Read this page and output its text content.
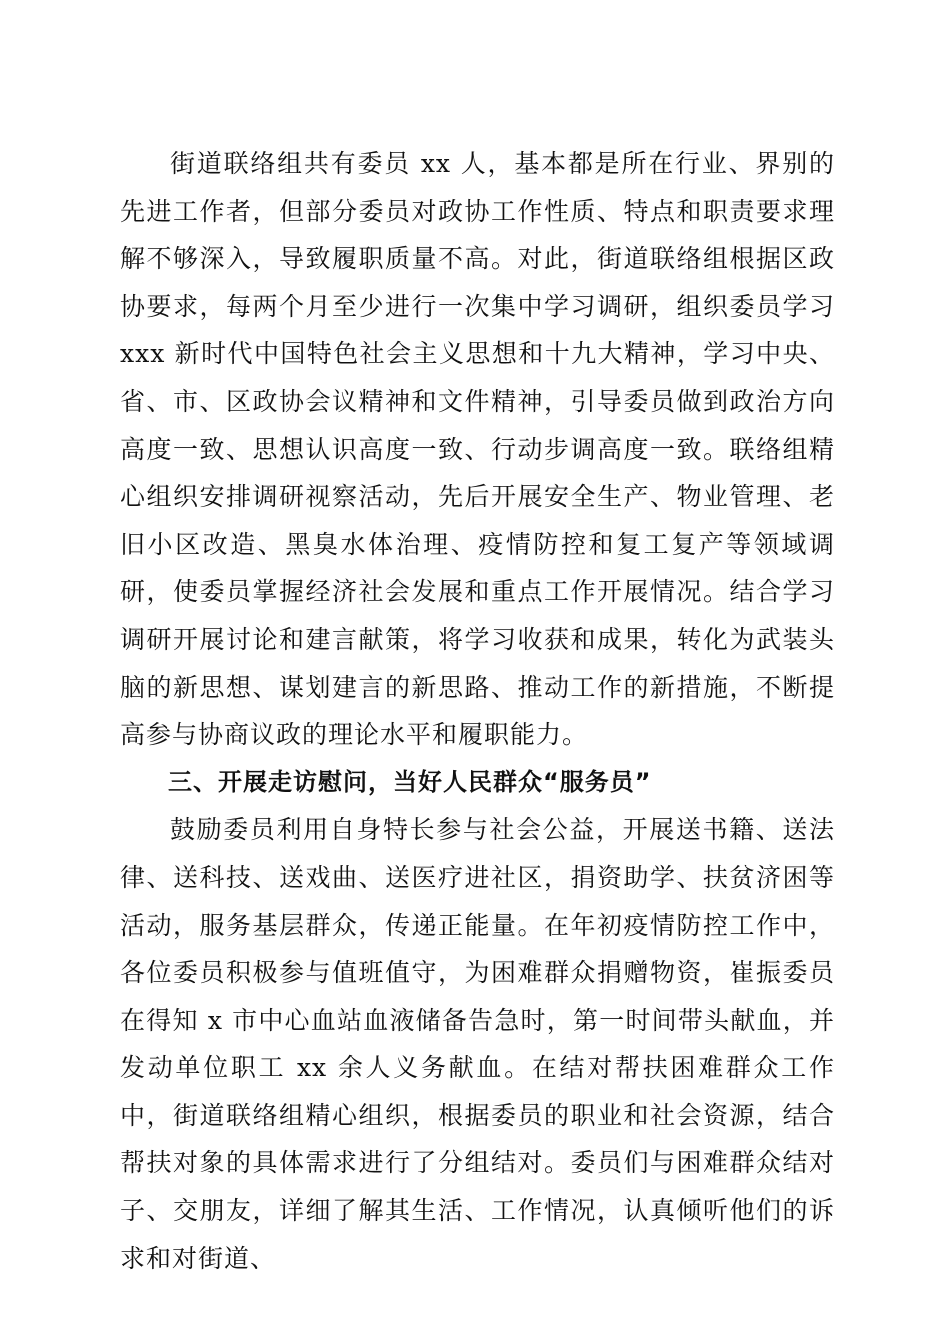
街道联络组共有委员 xx 人，基本都是所在行业、界别的先进工作者，但部分委员对政协工作性质、特点和职责要求理解不够深入，导致履职质量不高。对此，街道联络组根据区政协要求，每两个月至少进行一次集中学习调研，组织委员学习 xxx 新时代中国特色社会主义思想和十九大精神，学习中央、省、市、区政协会议精神和文件精神，引导委员做到政治方向高度一致、思想认识高度一致、行动步调高度一致。联络组精心组织安排调研视察活动，先后开展安全生产、物业管理、老旧小区改造、黑臭水体治理、疫情防控和复工复产等领域调研，使委员掌握经济社会发展和重点工作开展情况。结合学习调研开展讨论和建言献策，将学习收获和成果，转化为武装头脑的新思想、谋划建言的新思路、推动工作的新措施，不断提高参与协商议政的理论水平和履职能力。

三、开展走访慰问，当好人民群众“服务员”

鼓励委员利用自身特长参与社会公益，开展送书籍、送法律、送科技、送戏曲、送医疗进社区，捐资助学、扶贫济困等活动，服务基层群众，传递正能量。在年初疫情防控工作中，各位委员积极参与值班值守，为困难群众捐赠物资，崔振委员在得知 x 市中心血站血液储备告急时，第一时间带头献血，并发动单位职工 xx 余人义务献血。在结对帮扶困难群众工作中，街道联络组精心组织，根据委员的职业和社会资源，结合帮扶对象的具体需求进行了分组结对。委员们与困难群众结对子、交朋友，详细了解其生活、工作情况，认真倾听他们的诉求和对街道、
